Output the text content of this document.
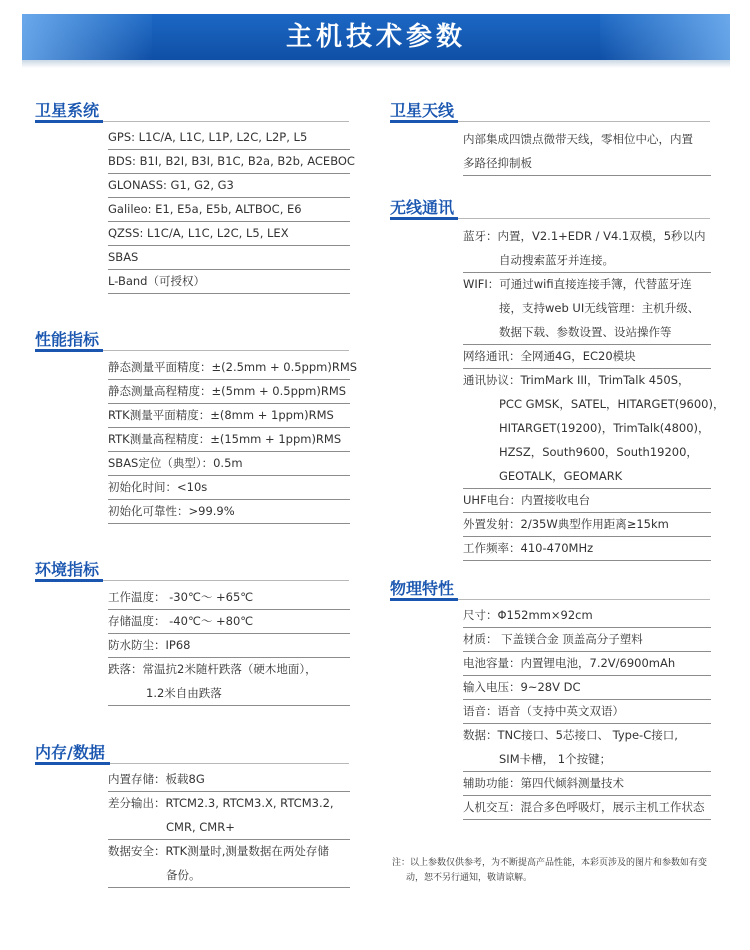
主机技术参数
卫星系统
GPS: L1C/A, L1C, L1P, L2C, L2P, L5
BDS: B1I, B2I, B3I, B1C, B2a, B2b, ACEBOC
GLONASS: G1, G2, G3
Galileo: E1, E5a, E5b, ALTBOC, E6
QZSS: L1C/A, L1C, L2C, L5, LEX
SBAS
L-Band（可授权）
性能指标
静态测量平面精度：±(2.5mm + 0.5ppm)RMS
静态测量高程精度：±(5mm + 0.5ppm)RMS
RTK测量平面精度：±(8mm + 1ppm)RMS
RTK测量高程精度：±(15mm + 1ppm)RMS
SBAS定位（典型）：0.5m
初始化时间：<10s
初始化可靠性：>99.9%
环境指标
工作温度： -30℃～ +65℃
存储温度： -40℃～ +80℃
防水防尘：IP68
跌落：常温抗2米随杆跌落（硬木地面），
1.2米自由跌落
内存/数据
内置存储：板载8G
差分输出：RTCM2.3, RTCM3.X, RTCM3.2,
CMR, CMR+
数据安全：RTK测量时,测量数据在两处存储
备份。
卫星天线
内部集成四馈点微带天线，零相位中心，内置
多路径抑制板
无线通讯
蓝牙：内置，V2.1+EDR / V4.1双模，5秒以内
自动搜索蓝牙并连接。
WIFI：可通过wifi直接连接手簿，代替蓝牙连
接，支持web UI无线管理：主机升级、
数据下载、参数设置、设站操作等
网络通讯：全网通4G，EC20模块
通讯协议：TrimMark III，TrimTalk 450S，
PCC GMSK，SATEL，HITARGET(9600)，
HITARGET(19200)，TrimTalk(4800)，
HZSZ，South9600，South19200，
GEOTALK，GEOMARK
UHF电台：内置接收电台
外置发射：2/35W典型作用距离≥15km
工作频率：410-470MHz
物理特性
尺寸：Φ152mm×92cm
材质： 下盖镁合金 顶盖高分子塑料
电池容量：内置锂电池，7.2V/6900mAh
输入电压：9~28V DC
语音：语音（支持中英文双语）
数据：TNC接口、5芯接口、 Type-C接口,
SIM卡槽， 1个按键；
辅助功能：第四代倾斜测量技术
人机交互：混合多色呼吸灯，展示主机工作状态
注：以上参数仅供参考，为不断提高产品性能，本彩页涉及的图片和参数如有变
动，恕不另行通知，敬请谅解。
